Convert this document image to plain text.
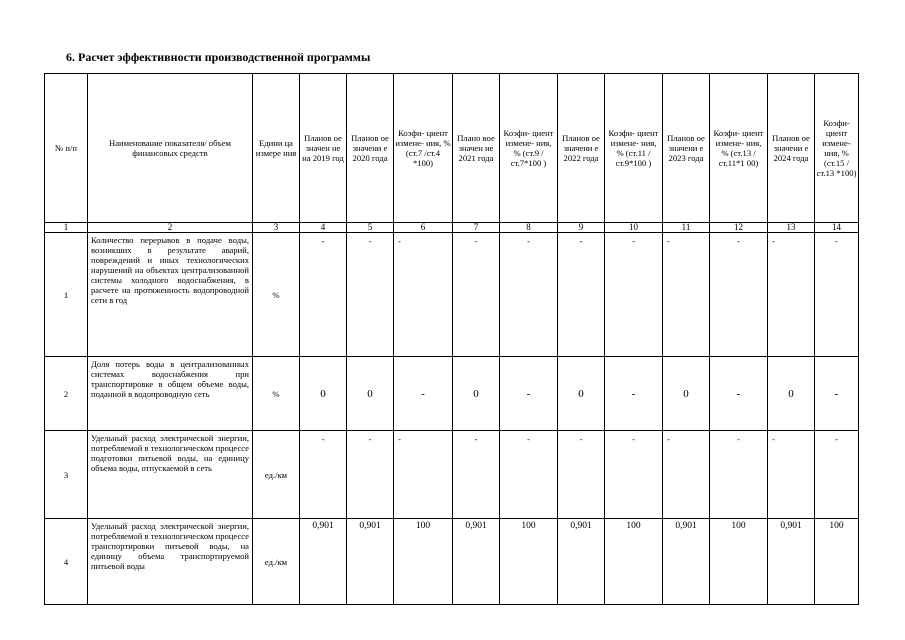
6. Расчет эффективности производственной программы
№ п/п	Наименование показателя/ объем финансовых средств	Едини ца измере ния	Планов ое значен не на 2019 год	Планов ое значени е 2020 года	Коэфи- циент измене- ния, % (ст.7 /ст.4 *100)	Плано вое значен ие 2021 года	Коэфи- циент измене- ния, % (ст.9 /ст.7*100 )	Планов ое значени е 2022 года	Коэфи- циент измене- ния, % (ст.11 /ст.9*100 )	Планов ое значени е 2023 года	Коэфи- циент измене- ния, % (ст.13 /ст.11*1 00)	Планов ое значени е 2024 года	Коэфи- циент измене- ния, % (ст.15 /ст.13 *100)
1	2	3	4	5	6	7	8	9	10	11	12	13	14
1	Количество перерывов в подаче воды, возникших в результате аварий, повреждений и иных технологических нарушений на объектах централизованной системы холодного водоснабжения, в расчете на протяженность водопроводной сети в год	%	-	-	-	-	-	-	-	-	-	-	-
2	Доля потерь воды в централизованных системах водоснабжения при транспортировке в общем объеме воды, поданной в водопроводную сеть	%	0	0	-	0	-	0	-	0	-	0	-
3	Удельный расход электрической энергии, потребляемой в технологическом процессе подготовки питьевой воды, на единицу объема воды, отпускаемой в сеть	ед./км	-	-	-	-	-	-	-	-	-	-	-
4	Удельный расход электрической энергии, потребляемой в технологическом процессе транспортировки питьевой воды, на единицу объема транспортируемой питьевой воды	ед./км	0,901	0,901	100	0,901	100	0,901	100	0,901	100	0,901	100
